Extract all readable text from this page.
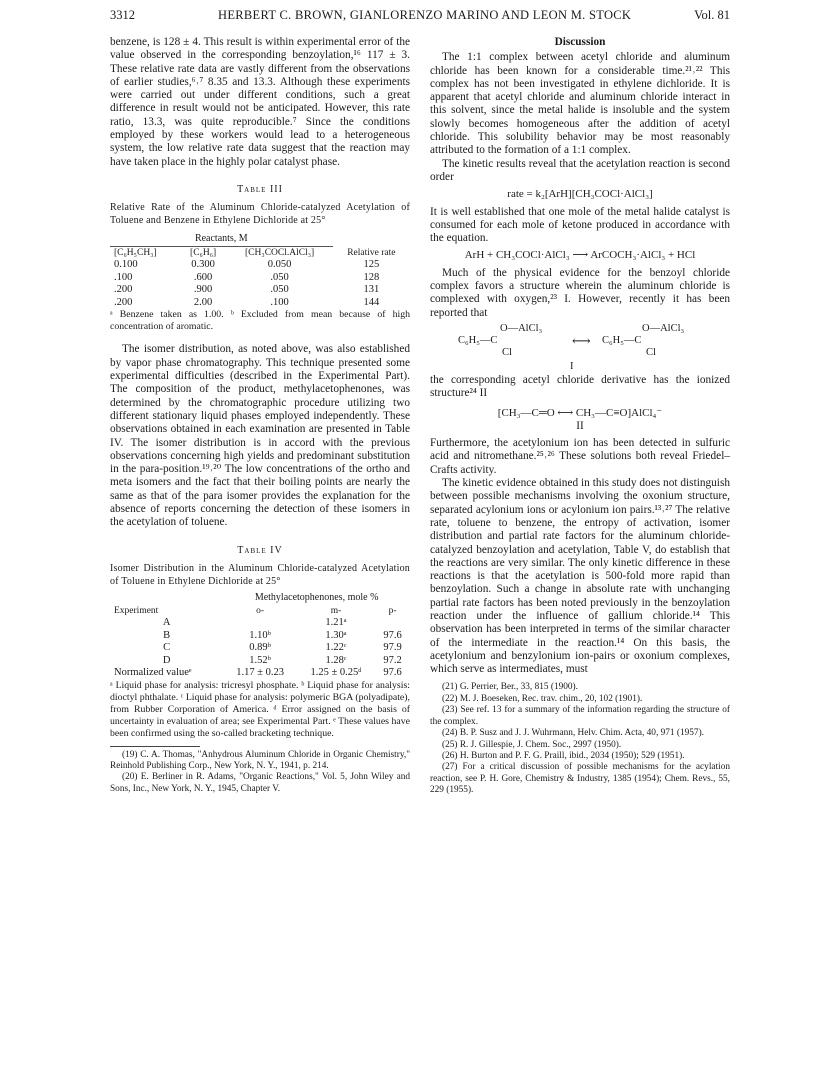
3312	HERBERT C. BROWN, GIANLORENZO MARINO AND LEON M. STOCK	Vol. 81

benzene, is 128 ± 4. This result is within experimental error of the value observed in the corresponding benzoylation,¹⁶ 117 ± 3. These relative rate data are vastly different from the observations of earlier studies,⁶˒⁷ 8.35 and 13.3. Although these experiments were carried out under different conditions, such a great difference in result would not be anticipated. However, this rate ratio, 13.3, was quite reproducible.⁷ Since the conditions employed by these workers would lead to a heterogeneous system, the low relative rate data suggest that the reaction may have taken place in the highly polar catalyst phase.

Table III

Relative Rate of the Aluminum Chloride-catalyzed Acetylation of Toluene and Benzene in Ethylene Dichloride at 25°

Reactants, M			
[C₆H₅CH₃]	[C₆H₆]	[CH₃COCl.AlCl₃]	Relative rate
0.100	0.300	0.050	125
.100	.600	.050	128
.200	.900	.050	131
.200	2.00	.100	144

ᵃ Benzene taken as 1.00. ᵇ Excluded from mean because of high concentration of aromatic.

The isomer distribution, as noted above, was also established by vapor phase chromatography. This technique presented some experimental difficulties (described in the Experimental Part). The composition of the product, methylacetophenones, was determined by the chromatographic procedure utilizing two different stationary liquid phases employed independently. These observations obtained in each examination are presented in Table IV. The isomer distribution is in accord with the previous observations concerning high yields and predominant substitution in the para-position.¹⁹˒²⁰ The low concentrations of the ortho and meta isomers and the fact that their boiling points are nearly the same as that of the para isomer provides the explanation for the absence of reports concerning the detection of these isomers in the acetylation of toluene.

Table IV

Isomer Distribution in the Aluminum Chloride-catalyzed Acetylation of Toluene in Ethylene Dichloride at 25°

	Methylacetophenones, mole %		
Experiment	o-	m-	p-
A		1.21ᵃ	
B	1.10ᵇ	1.30ᵃ	97.6
C	0.89ᵇ	1.22ᶜ	97.9
D	1.52ᵇ	1.28ᶜ	97.2
Normalized valueᵉ	1.17 ± 0.23	1.25 ± 0.25ᵈ	97.6

ᵃ Liquid phase for analysis: tricresyl phosphate. ᵇ Liquid phase for analysis: dioctyl phthalate. ᶜ Liquid phase for analysis: polymeric BGA (polyadipate), from Rubber Corporation of America. ᵈ Error assigned on the basis of uncertainty in evaluation of area; see Experimental Part. ᵉ These values have been confirmed using the so-called bracketing technique.

(19) C. A. Thomas, "Anhydrous Aluminum Chloride in Organic Chemistry," Reinhold Publishing Corp., New York, N. Y., 1941, p. 214.

(20) E. Berliner in R. Adams, "Organic Reactions," Vol. 5, John Wiley and Sons, Inc., New York, N. Y., 1945, Chapter V.

Discussion

The 1:1 complex between acetyl chloride and aluminum chloride has been known for a considerable time.²¹˒²² This complex has not been investigated in ethylene dichloride. It is apparent that acetyl chloride and aluminum chloride interact in this solvent, since the metal halide is insoluble and the system slowly becomes homogeneous after the addition of acetyl chloride. This solubility behavior may be most reasonably attributed to the formation of a 1:1 complex.

The kinetic results reveal that the acetylation reaction is second order

rate = k₂[ArH][CH₃COCl·AlCl₃]

It is well established that one mole of the metal halide catalyst is consumed for each mole of ketone produced in accordance with the equation.

ArH + CH₃COCl·AlCl₃ ⟶ ArCOCH₃·AlCl₃ + HCl

Much of the physical evidence for the benzoyl chloride complex favors a structure wherein the aluminum chloride is complexed with oxygen,²³ I. However, recently it has been reported that

C₆H₅—C
O—AlCl₃
Cl
⟷ C₆H₅—C
O—AlCl₃
Cl
I

the corresponding acetyl chloride derivative has the ionized structure²⁴ II

[CH₃—C═O ⟷ CH₃—C≡O]AlCl₄⁻

II

Furthermore, the acetylonium ion has been detected in sulfuric acid and nitromethane.²⁵˒²⁶ These solutions both reveal Friedel–Crafts activity.

The kinetic evidence obtained in this study does not distinguish between possible mechanisms involving the oxonium structure, separated acylonium ions or acylonium ion pairs.¹³˒²⁷ The relative rate, toluene to benzene, the entropy of activation, isomer distribution and partial rate factors for the aluminum chloride-catalyzed benzoylation and acetylation, Table V, do establish that the reactions are very similar. The only kinetic difference in these reactions is that the acetylation is 500-fold more rapid than benzoylation. Such a change in absolute rate with unchanging partial rate factors has been noted previously in the benzoylation reaction under the influence of gallium chloride.¹⁴ This observation has been interpreted in terms of the similar character of the intermediate in the reaction.¹⁴ On this basis, the acetylonium and benzylonium ion-pairs or oxonium complexes, which serve as intermediates, must

(21) G. Perrier, Ber., 33, 815 (1900).

(22) M. J. Boeseken, Rec. trav. chim., 20, 102 (1901).

(23) See ref. 13 for a summary of the information regarding the structure of the complex.

(24) B. P. Susz and J. J. Wuhrmann, Helv. Chim. Acta, 40, 971 (1957).

(25) R. J. Gillespie, J. Chem. Soc., 2997 (1950).

(26) H. Burton and P. F. G. Praill, ibid., 2034 (1950); 529 (1951).

(27) For a critical discussion of possible mechanisms for the acylation reaction, see P. H. Gore, Chemistry & Industry, 1385 (1954); Chem. Revs., 55, 229 (1955).
